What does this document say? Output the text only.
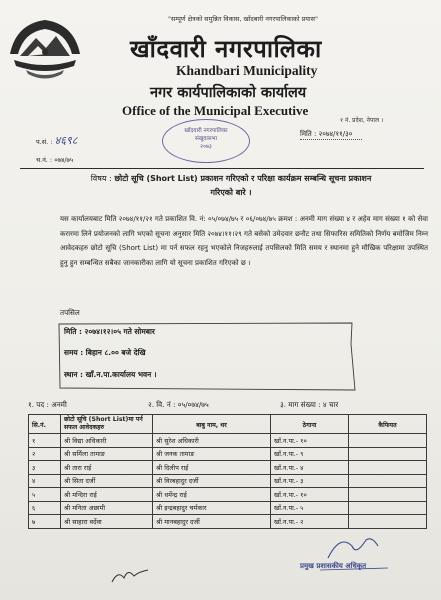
"सम्पूर्ण क्षेत्रको समुन्नित विकास, खाँदबारी नगरपालिकाको प्रयास"
खाँदवारी नगरपालिका
Khandbari Municipality
नगर कार्यपालिकाको कार्यालय
Office of the Municipal Executive
१ नं. प्रदेश, नेपाल ।
खाँदवारी नगरपालिका
संखुवासभा
२०७३
प.सं. : ४६९८
च.नं. : ०७४/७५
मिति : २०७४/११/३०
विषय : छोटो सूचि (Short List) प्रकाशन गरिएको र परिक्षा कार्यक्रम सम्बन्धि सूचना प्रकाशन गरिएको बारे ।
यस कार्यालयबाट मिति २०७४/११/२१ गते प्रकाशित वि. नं: ०५/०७४/७५ र ०६/०७४/७५ क्रमश : अनमी माग संख्या ४ र अहेव माग संख्या १ को सेवा करारमा लिने प्रयोजनको लागि भएको सूचना अनुसार मिति २०७४।११।२९ गते बसेको उमेदवार छनौट तथा सिफारिस समितिको निर्णय बमोजिम निम्न आवेदकहरु छोटो सूचि (Short List) मा पर्न सफल रहनु भएकोले निजहरुलाई तपसिलको मिति समय र स्थानमा हुने मौखिक परिक्षामा उपस्थित हुनु हुन सम्बन्धित सबैका जानकारीका लागि यो सूचना प्रकाशित गरिएको छ ।
तपसिल
मिति : २०७४।१२।०५ गते सोमबार
समय : बिहान ८.०० बजे देखि
स्थान : खाँ.न.पा.कार्यालय भवन ।
१. पद : अनमी	२. वि. नं : ०५/०७४/७५	३. माग संख्या : ४ चार
सि.नं.	छोटो सूचि (Short List)मा पर्न सफल आवेदकहरु	बाबु नाम, थर	ठेगाना	कैफियत
१	श्री विद्या अधिकारी	श्री सुरेश अधिकारी	खाँ.न.पा.- १०	
२	श्री सर्मिला तामाङ	श्री जनक तामाङ	खाँ.न.पा.- ९	
३	श्री तारा राई	श्री दिलीप राई	खाँ.न.पा.- ४	
४	श्री सिता दर्जी	श्री विरबहादुर दर्जी	खाँ.न.पा.- ३	
५	श्री मन्दिरा राई	श्री धर्मेन्द्र राई	खाँ.न.पा.- १०	
६	श्री मनिता अछामी	श्री इन्द्रबहादुर चर्मकार	खाँ.न.पा.- ५	
७	श्री साहारा वर्देवा	श्री मानबहादुर दर्जी	खाँ.न.पा.- २	
प्रमुख प्रशासकीय अधिकृत
